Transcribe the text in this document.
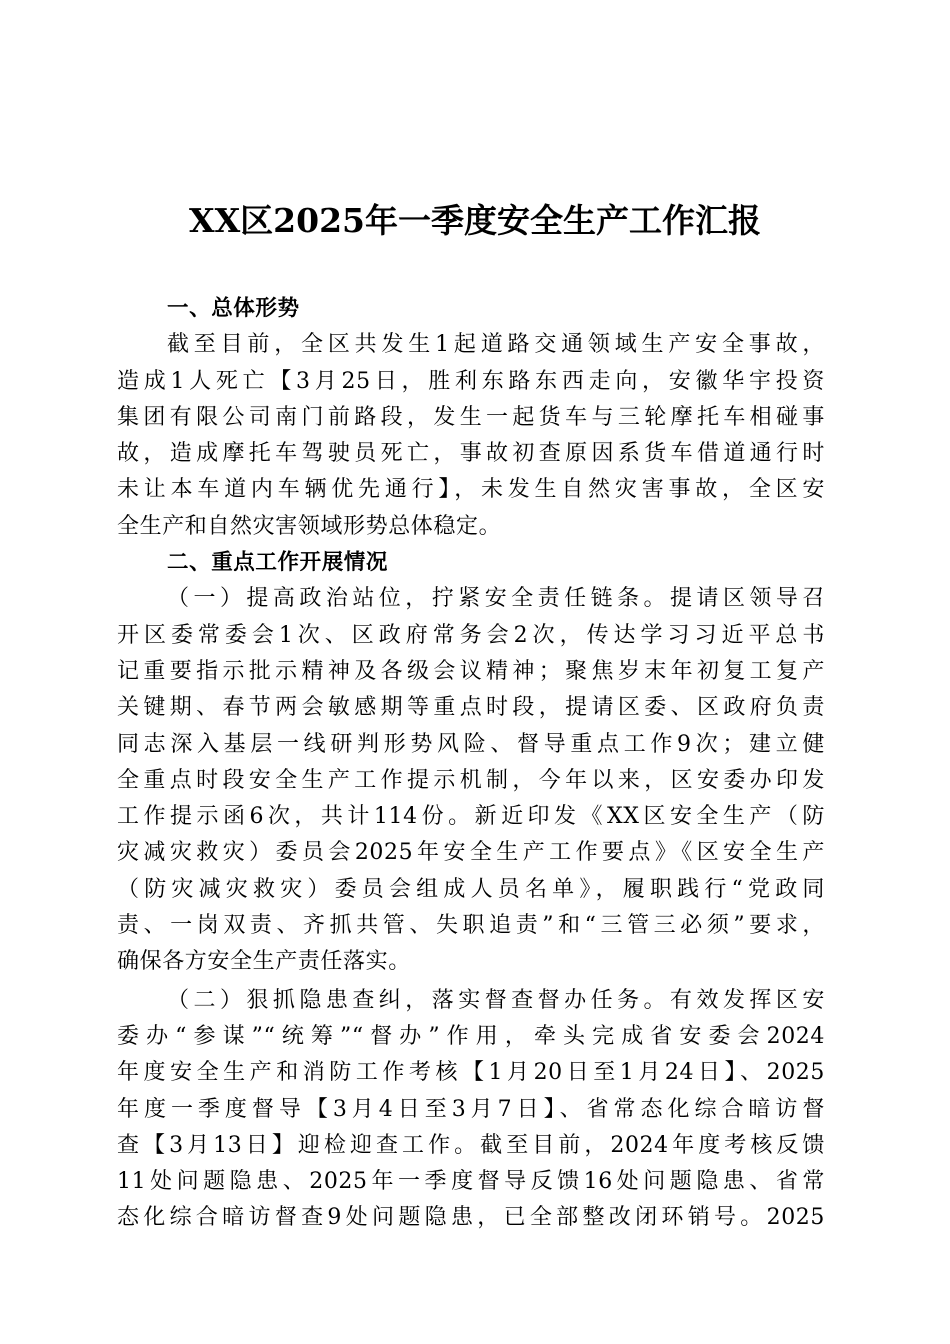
XX区2025年一季度安全生产工作汇报
一、总体形势
截至目前，全区共发生1起道路交通领域生产安全事故，
造成1人死亡【3月25日，胜利东路东西走向，安徽华宇投资
集团有限公司南门前路段，发生一起货车与三轮摩托车相碰事
故，造成摩托车驾驶员死亡，事故初查原因系货车借道通行时
未让本车道内车辆优先通行】，未发生自然灾害事故，全区安
全生产和自然灾害领域形势总体稳定。
二、重点工作开展情况
（一）提高政治站位，拧紧安全责任链条。提请区领导召
开区委常委会1次、区政府常务会2次，传达学习习近平总书
记重要指示批示精神及各级会议精神；聚焦岁末年初复工复产
关键期、春节两会敏感期等重点时段，提请区委、区政府负责
同志深入基层一线研判形势风险、督导重点工作9次；建立健
全重点时段安全生产工作提示机制，今年以来，区安委办印发
工作提示函6次，共计114份。新近印发《XX区安全生产（防
灾减灾救灾）委员会2025年安全生产工作要点》《区安全生产
（防灾减灾救灾）委员会组成人员名单》，履职践行“党政同
责、一岗双责、齐抓共管、失职追责”和“三管三必须”要求，
确保各方安全生产责任落实。
（二）狠抓隐患查纠，落实督查督办任务。有效发挥区安
委办“参谋”“统筹”“督办”作用，牵头完成省安委会2024
年度安全生产和消防工作考核【1月20日至1月24日】、2025
年度一季度督导【3月4日至3月7日】、省常态化综合暗访督
查【3月13日】迎检迎查工作。截至目前，2024年度考核反馈
11处问题隐患、2025年一季度督导反馈16处问题隐患、省常
态化综合暗访督查9处问题隐患，已全部整改闭环销号。2025
